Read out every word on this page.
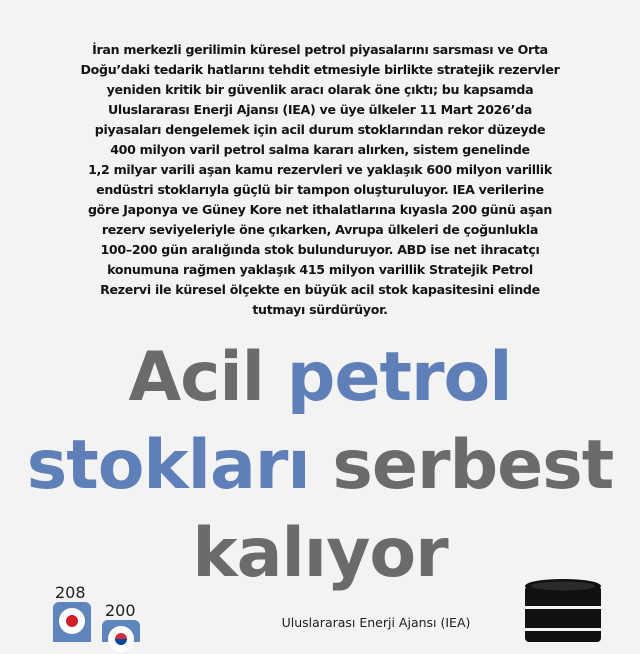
İran merkezli gerilimin küresel petrol piyasalarını sarsması ve Orta
Doğu’daki tedarik hatlarını tehdit etmesiyle birlikte stratejik rezervler
yeniden kritik bir güvenlik aracı olarak öne çıktı; bu kapsamda
Uluslararası Enerji Ajansı (IEA) ve üye ülkeler 11 Mart 2026’da
piyasaları dengelemek için acil durum stoklarından rekor düzeyde
400 milyon varil petrol salma kararı alırken, sistem genelinde
1,2 milyar varili aşan kamu rezervleri ve yaklaşık 600 milyon varillik
endüstri stoklarıyla güçlü bir tampon oluşturuluyor. IEA verilerine
göre Japonya ve Güney Kore net ithalatlarına kıyasla 200 günü aşan
rezerv seviyeleriyle öne çıkarken, Avrupa ülkeleri de çoğunlukla
100–200 gün aralığında stok bulunduruyor. ABD ise net ihracatçı
konumuna rağmen yaklaşık 415 milyon varillik Stratejik Petrol
Rezervi ile küresel ölçekte en büyük acil stok kapasitesini elinde
tutmayı sürdürüyor.

Acil petrol
stokları serbest
kalıyor
208
200
Uluslararası Enerji Ajansı (IEA)
